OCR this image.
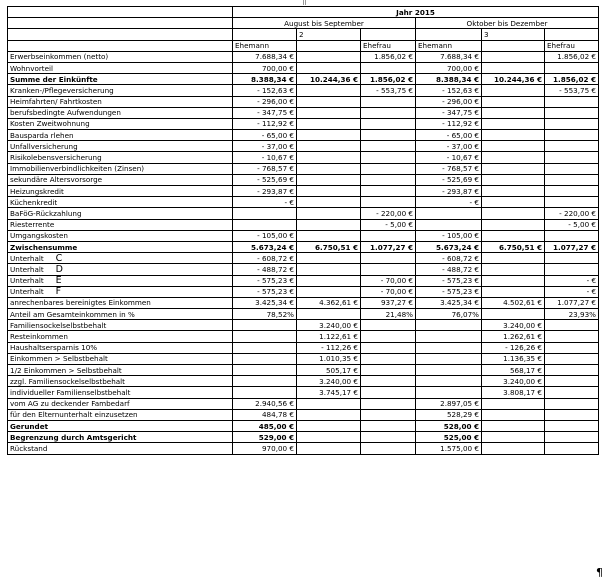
	Jahr 2015					
	August bis September			Oktober bis Dezember		
		2			3	
	Ehemann		Ehefrau	Ehemann		Ehefrau
Erwerbseinkommen (netto)	7.688,34 €		1.856,02 €	7.688,34 €		1.856,02 €
Wohnvorteil	700,00 €			700,00 €		
Summe der Einkünfte	8.388,34 €	10.244,36 €	1.856,02 €	8.388,34 €	10.244,36 €	1.856,02 €
Kranken-/Pflegeversicherung	- 152,63 €		- 553,75 €	- 152,63 €		- 553,75 €
Heimfahrten/ Fahrtkosten	- 296,00 €			- 296,00 €		
berufsbedingte Aufwendungen	- 347,75 €			- 347,75 €		
Kosten Zweitwohnung	- 112,92 €			- 112,92 €		
Bausparda rlehen	- 65,00 €			- 65,00 €		
Unfallversicherung	- 37,00 €			- 37,00 €		
Risikolebensversicherung	- 10,67 €			- 10,67 €		
Immobilienverbindlichkeiten (Zinsen)	- 768,57 €			- 768,57 €		
sekundäre Altersvorsorge	- 525,69 €			- 525,69 €		
Heizungskredit	- 293,87 €			- 293,87 €		
Küchenkredit	- €			- €		
BaFöG-Rückzahlung			- 220,00 €			- 220,00 €
Riesterrente			- 5,00 €			- 5,00 €
Umgangskosten	- 105,00 €			- 105,00 €		
Zwischensumme	5.673,24 €	6.750,51 €	1.077,27 €	5.673,24 €	6.750,51 €	1.077,27 €
Unterhalt C	- 608,72 €			- 608,72 €		
Unterhalt D	- 488,72 €			- 488,72 €		
Unterhalt E	- 575,23 €		- 70,00 €	- 575,23 €		- €
Unterhalt F	- 575,23 €		- 70,00 €	- 575,23 €		- €
anrechenbares bereinigtes Einkommen	3.425,34 €	4.362,61 €	937,27 €	3.425,34 €	4.502,61 €	1.077,27 €
Anteil am Gesamteinkommen in %	78,52%		21,48%	76,07%		23,93%
Familiensockelselbstbehalt		3.240,00 €			3.240,00 €	
Resteinkommen		1.122,61 €			1.262,61 €	
Haushaltsersparnis 10%		- 112,26 €			- 126,26 €	
Einkommen > Selbstbehalt		1.010,35 €			1.136,35 €	
1/2 Einkommen > Selbstbehalt		505,17 €			568,17 €	
zzgl. Familiensockelselbstbehalt		3.240,00 €			3.240,00 €	
individueller Familienselbstbehalt		3.745,17 €			3.808,17 €	
vom AG zu deckender Fambedarf	2.940,56 €			2.897,05 €		
für den Elternunterhalt einzusetzen	484,78 €			528,29 €		
Gerundet	485,00 €			528,00 €		
Begrenzung durch Amtsgericht	529,00 €			525,00 €		
Rückstand	970,00 €			1.575,00 €		
¶
